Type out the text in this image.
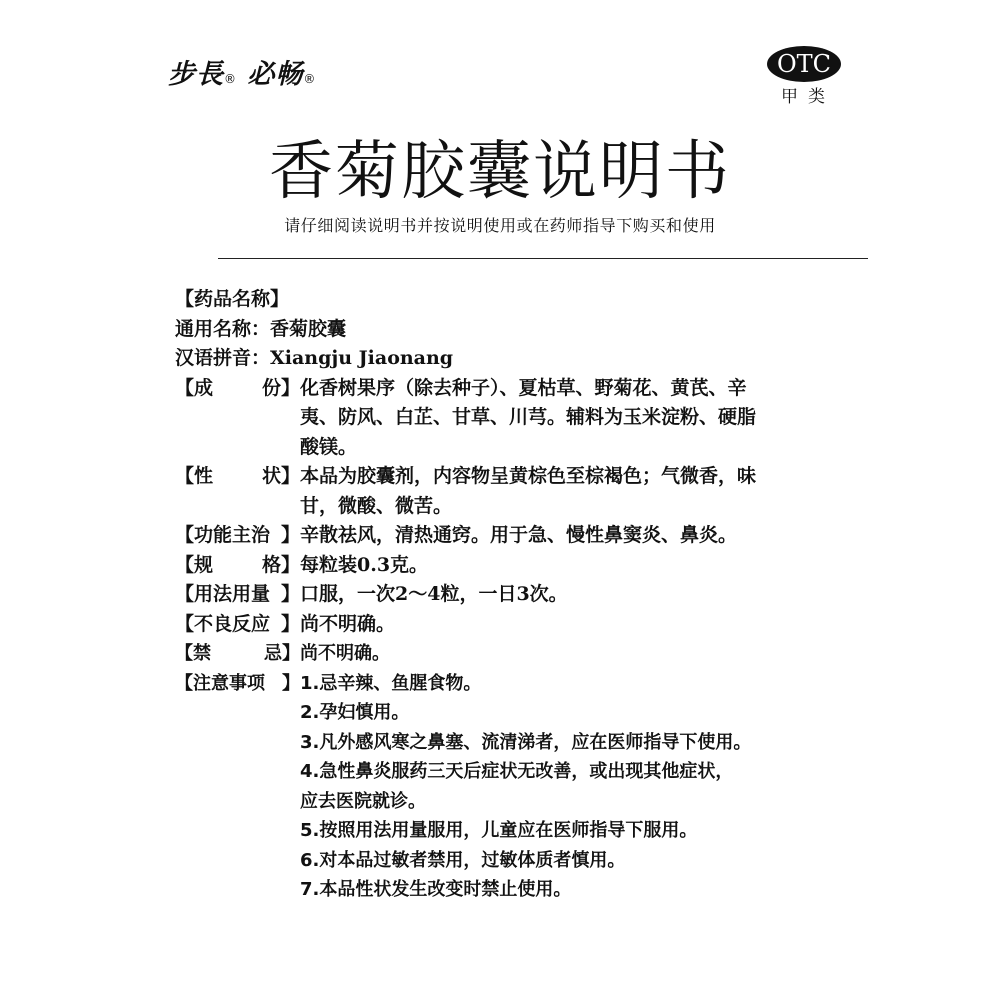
步長® 必畅®
OTC
甲类
香菊胶囊说明书
请仔细阅读说明书并按说明使用或在药师指导下购买和使用
【药品名称】
通用名称：香菊胶囊
汉语拼音：Xiangju Jiaonang
【 成	份 】 化香树果序（除去种子）、夏枯草、野菊花、黄芪、辛
夷、防风、白芷、甘草、川芎。辅料为玉米淀粉、硬脂
酸镁。
【 性	状 】 本品为胶囊剂，内容物呈黄棕色至棕褐色；气微香，味
甘，微酸、微苦。
【 功能主治 】 辛散祛风，清热通窍。用于急、慢性鼻窦炎、鼻炎。
【 规	格 】 每粒装0.3克。
【 用法用量 】 口服，一次2～4粒，一日3次。
【 不良反应 】 尚不明确。
【 禁	忌 】 尚不明确。
【 注意事项 】 1.忌辛辣、鱼腥食物。
2.孕妇慎用。
3.凡外感风寒之鼻塞、流清涕者，应在医师指导下使用。
4.急性鼻炎服药三天后症状无改善，或出现其他症状，
应去医院就诊。
5.按照用法用量服用，儿童应在医师指导下服用。
6.对本品过敏者禁用，过敏体质者慎用。
7.本品性状发生改变时禁止使用。
